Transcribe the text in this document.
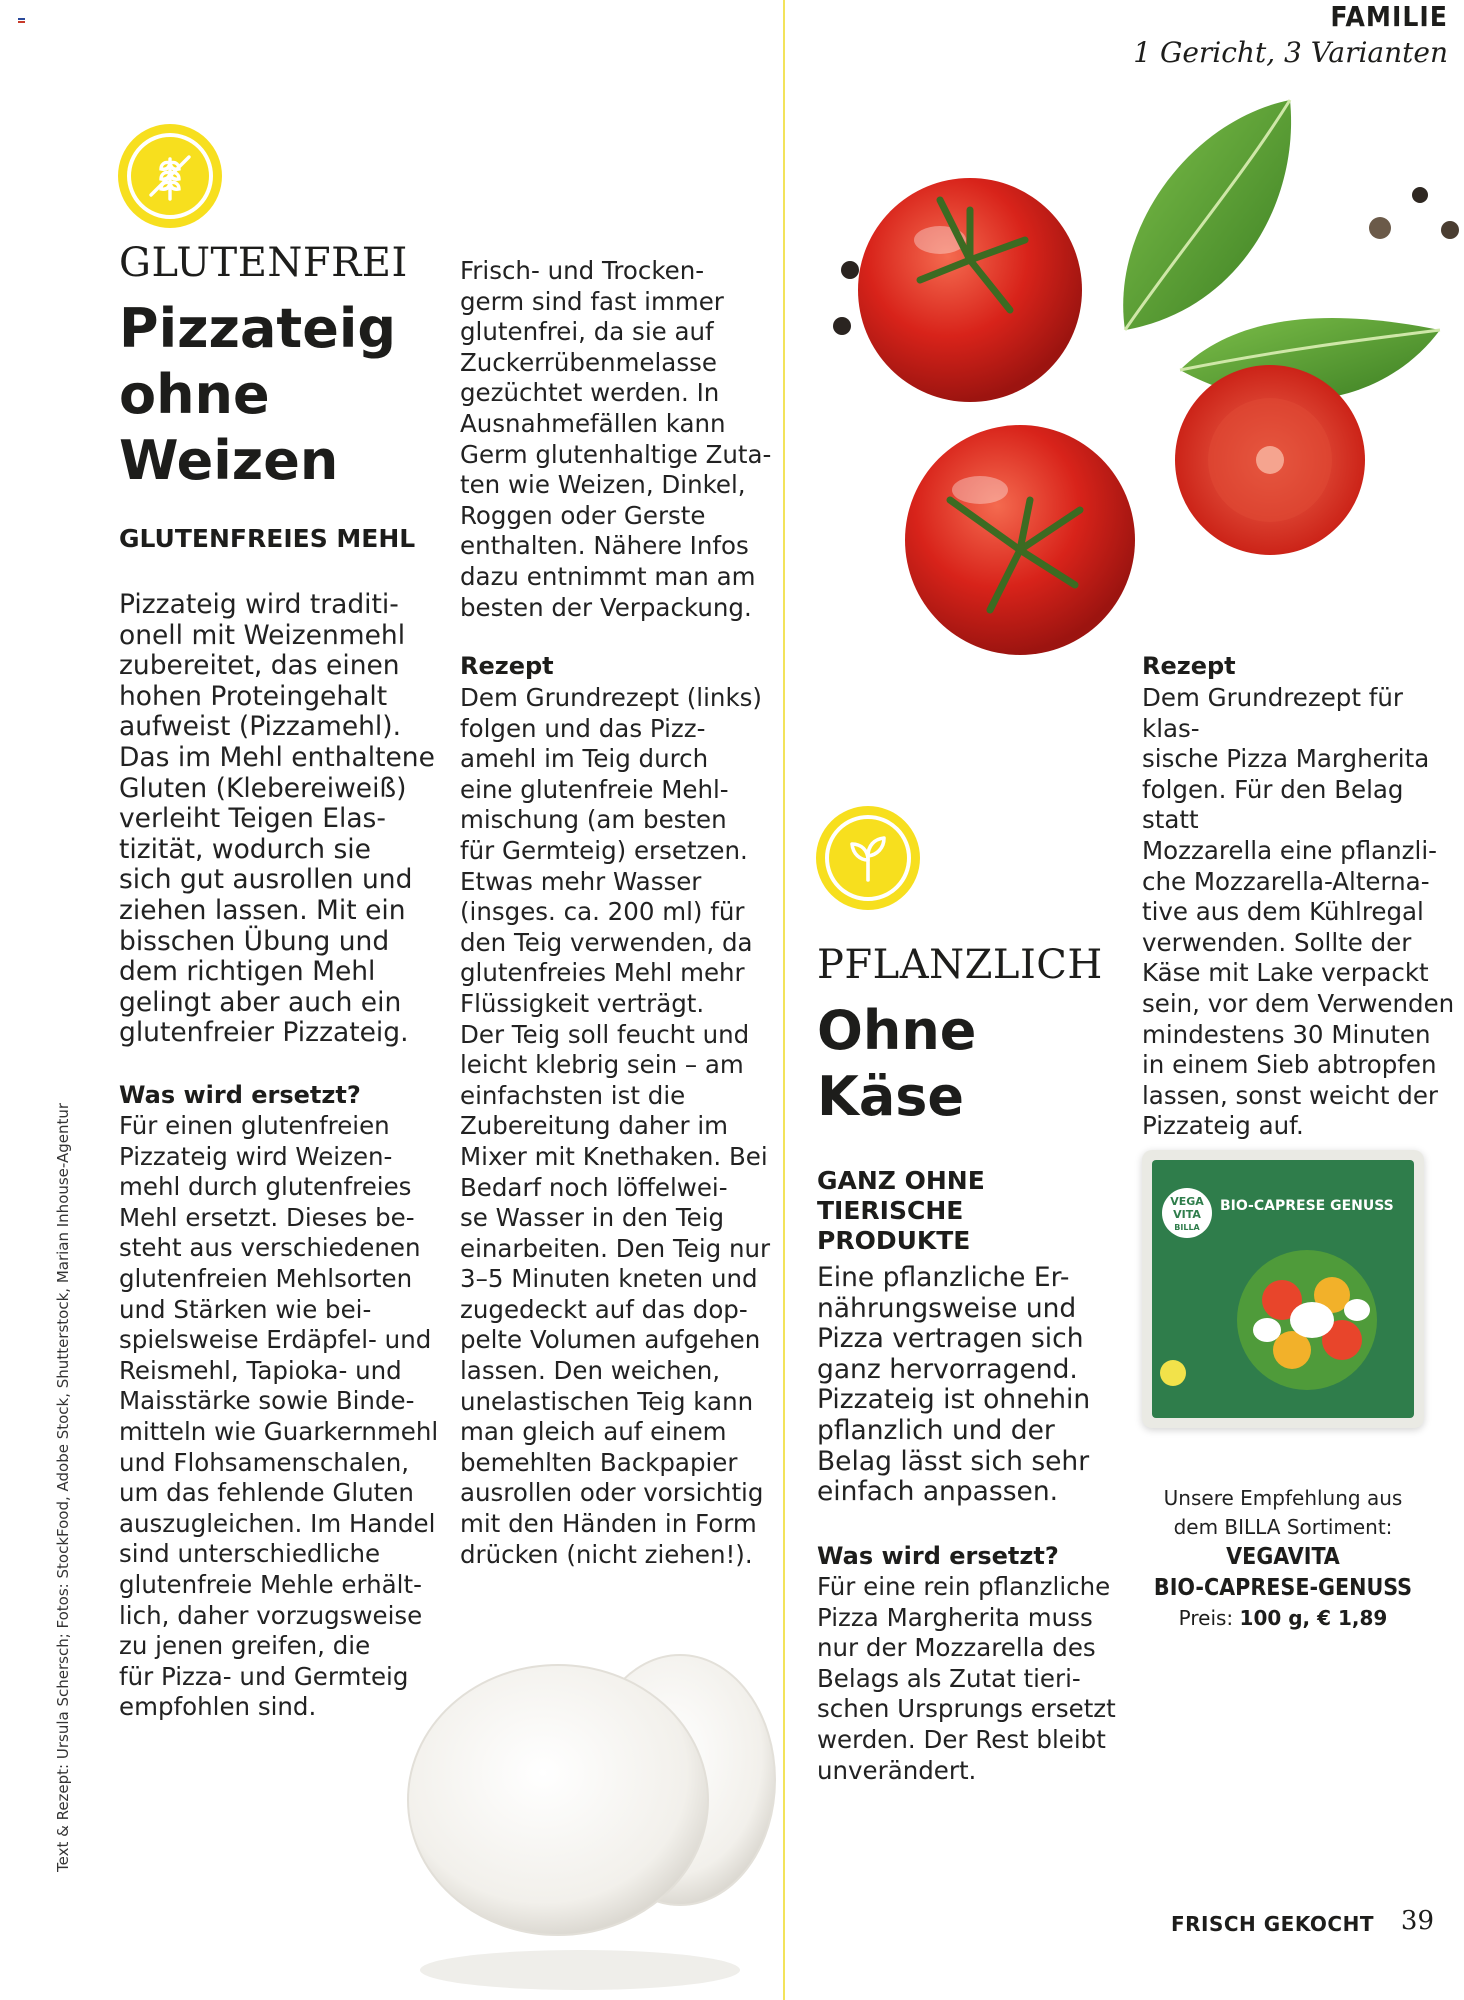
FAMILIE
1 Gericht, 3 Varianten
Text & Rezept: Ursula Schersch; Fotos: StockFood, Adobe Stock, Shutterstock, Marian Inhouse-Agentur
GLUTENFREI
Pizzateig
ohne
Weizen
GLUTENFREIES MEHL
Pizzateig wird traditi-
onell mit Weizenmehl
zubereitet, das einen
hohen Proteingehalt
aufweist (Pizzamehl).
Das im Mehl enthaltene
Gluten (Klebereiweiß)
verleiht Teigen Elas-
tizität, wodurch sie
sich gut ausrollen und
ziehen lassen. Mit ein
bisschen Übung und
dem richtigen Mehl
gelingt aber auch ein
glutenfreier Pizzateig.
Was wird ersetzt?
Für einen glutenfreien
Pizzateig wird Weizen-
mehl durch glutenfreies
Mehl ersetzt. Dieses be-
steht aus verschiedenen
glutenfreien Mehlsorten
und Stärken wie bei-
spielsweise Erdäpfel- und
Reismehl, Tapioka- und
Maisstärke sowie Binde-
mitteln wie Guarkernmehl
und Flohsamenschalen,
um das fehlende Gluten
auszugleichen. Im Handel
sind unterschiedliche
glutenfreie Mehle erhält-
lich, daher vorzugsweise
zu jenen greifen, die
für Pizza- und Germteig
empfohlen sind.
Frisch- und Trocken-
germ sind fast immer
glutenfrei, da sie auf
Zuckerrübenmelasse
gezüchtet werden. In
Ausnahmefällen kann
Germ glutenhaltige Zuta-
ten wie Weizen, Dinkel,
Roggen oder Gerste
enthalten. Nähere Infos
dazu entnimmt man am
besten der Verpackung.
Rezept
Dem Grundrezept (links)
folgen und das Pizz-
amehl im Teig durch
eine glutenfreie Mehl-
mischung (am besten
für Germteig) ersetzen.
Etwas mehr Wasser
(insges. ca. 200 ml) für
den Teig verwenden, da
glutenfreies Mehl mehr
Flüssigkeit verträgt.
Der Teig soll feucht und
leicht klebrig sein – am
einfachsten ist die
Zubereitung daher im
Mixer mit Knethaken. Bei
Bedarf noch löffelwei-
se Wasser in den Teig
einarbeiten. Den Teig nur
3–5 Minuten kneten und
zugedeckt auf das dop-
pelte Volumen aufgehen
lassen. Den weichen,
unelastischen Teig kann
man gleich auf einem
bemehlten Backpapier
ausrollen oder vorsichtig
mit den Händen in Form
drücken (nicht ziehen!).
PFLANZLICH
Ohne
Käse
GANZ OHNE
TIERISCHE
PRODUKTE
Eine pflanzliche Er-
nährungsweise und
Pizza vertragen sich
ganz hervorragend.
Pizzateig ist ohnehin
pflanzlich und der
Belag lässt sich sehr
einfach anpassen.
Was wird ersetzt?
Für eine rein pflanzliche
Pizza Margherita muss
nur der Mozzarella des
Belags als Zutat tieri-
schen Ursprungs ersetzt
werden. Der Rest bleibt
unverändert.
Rezept
Dem Grundrezept für klas-
sische Pizza Margherita
folgen. Für den Belag statt
Mozzarella eine pflanzli-
che Mozzarella-Alterna-
tive aus dem Kühlregal
verwenden. Sollte der
Käse mit Lake verpackt
sein, vor dem Verwenden
mindestens 30 Minuten
in einem Sieb abtropfen
lassen, sonst weicht der
Pizzateig auf.
VEGA
VITA
BILLA
BIO-CAPRESE GENUSS
Unsere Empfehlung aus
dem BILLA Sortiment:
VEGAVITA
BIO-CAPRESE-GENUSS
Preis: 100 g, € 1,89
FRISCH GEKOCHT 39
